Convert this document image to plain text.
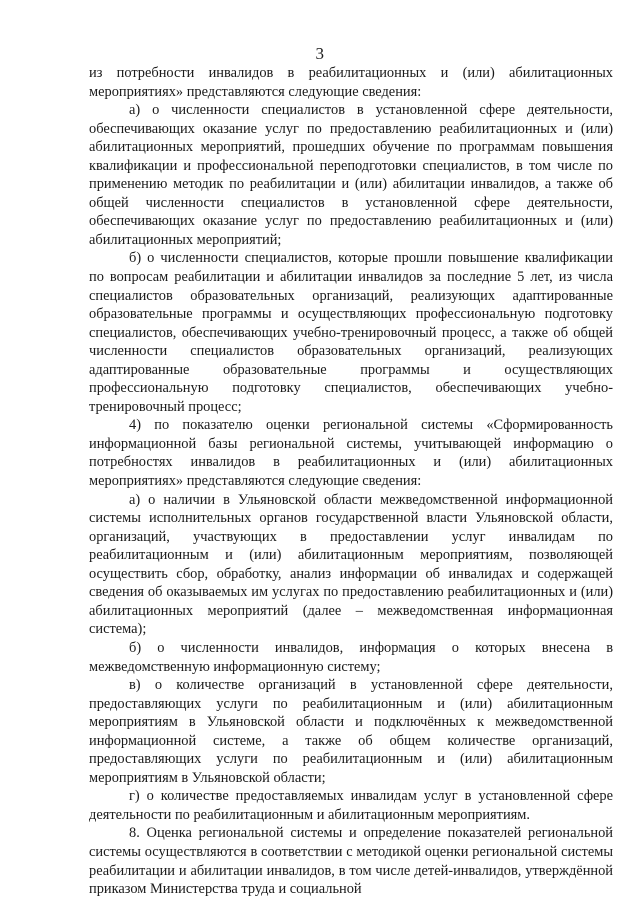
3

из потребности инвалидов в реабилитационных и (или) абилитационных мероприятиях» представляются следующие сведения:

а) о численности специалистов в установленной сфере деятельности, обеспечивающих оказание услуг по предоставлению реабилитационных и (или) абилитационных мероприятий, прошедших обучение по программам повышения квалификации и профессиональной переподготовки специалистов, в том числе по применению методик по реабилитации и (или) абилитации инвалидов, а также об общей численности специалистов в установленной сфере деятельности, обеспечивающих оказание услуг по предоставлению реабилитационных и (или) абилитационных мероприятий;

б) о численности специалистов, которые прошли повышение квалификации по вопросам реабилитации и абилитации инвалидов за последние 5 лет, из числа специалистов образовательных организаций, реализующих адаптированные образовательные программы и осуществляющих профессиональную подготовку специалистов, обеспечивающих учебно-тренировочный процесс, а также об общей численности специалистов образовательных организаций, реализующих адаптированные образовательные программы и осуществляющих профессиональную подготовку специалистов, обеспечивающих учебно-тренировочный процесс;

4) по показателю оценки региональной системы «Сформированность информационной базы региональной системы, учитывающей информацию о потребностях инвалидов в реабилитационных и (или) абилитационных мероприятиях» представляются следующие сведения:

а) о наличии в Ульяновской области межведомственной информационной системы исполнительных органов государственной власти Ульяновской области, организаций, участвующих в предоставлении услуг инвалидам по реабилитационным и (или) абилитационным мероприятиям, позволяющей осуществить сбор, обработку, анализ информации об инвалидах и содержащей сведения об оказываемых им услугах по предоставлению реабилитационных и (или) абилитационных мероприятий (далее – межведомственная информационная система);

б) о численности инвалидов, информация о которых внесена в межведомственную информационную систему;

в) о количестве организаций в установленной сфере деятельности, предоставляющих услуги по реабилитационным и (или) абилитационным мероприятиям в Ульяновской области и подключённых к межведомственной информационной системе, а также об общем количестве организаций, предоставляющих услуги по реабилитационным и (или) абилитационным мероприятиям в Ульяновской области;

г) о количестве предоставляемых инвалидам услуг в установленной сфере деятельности по реабилитационным и абилитационным мероприятиям.

8. Оценка региональной системы и определение показателей региональной системы осуществляются в соответствии с методикой оценки региональной системы реабилитации и абилитации инвалидов, в том числе детей-инвалидов, утверждённой приказом Министерства труда и социальной
